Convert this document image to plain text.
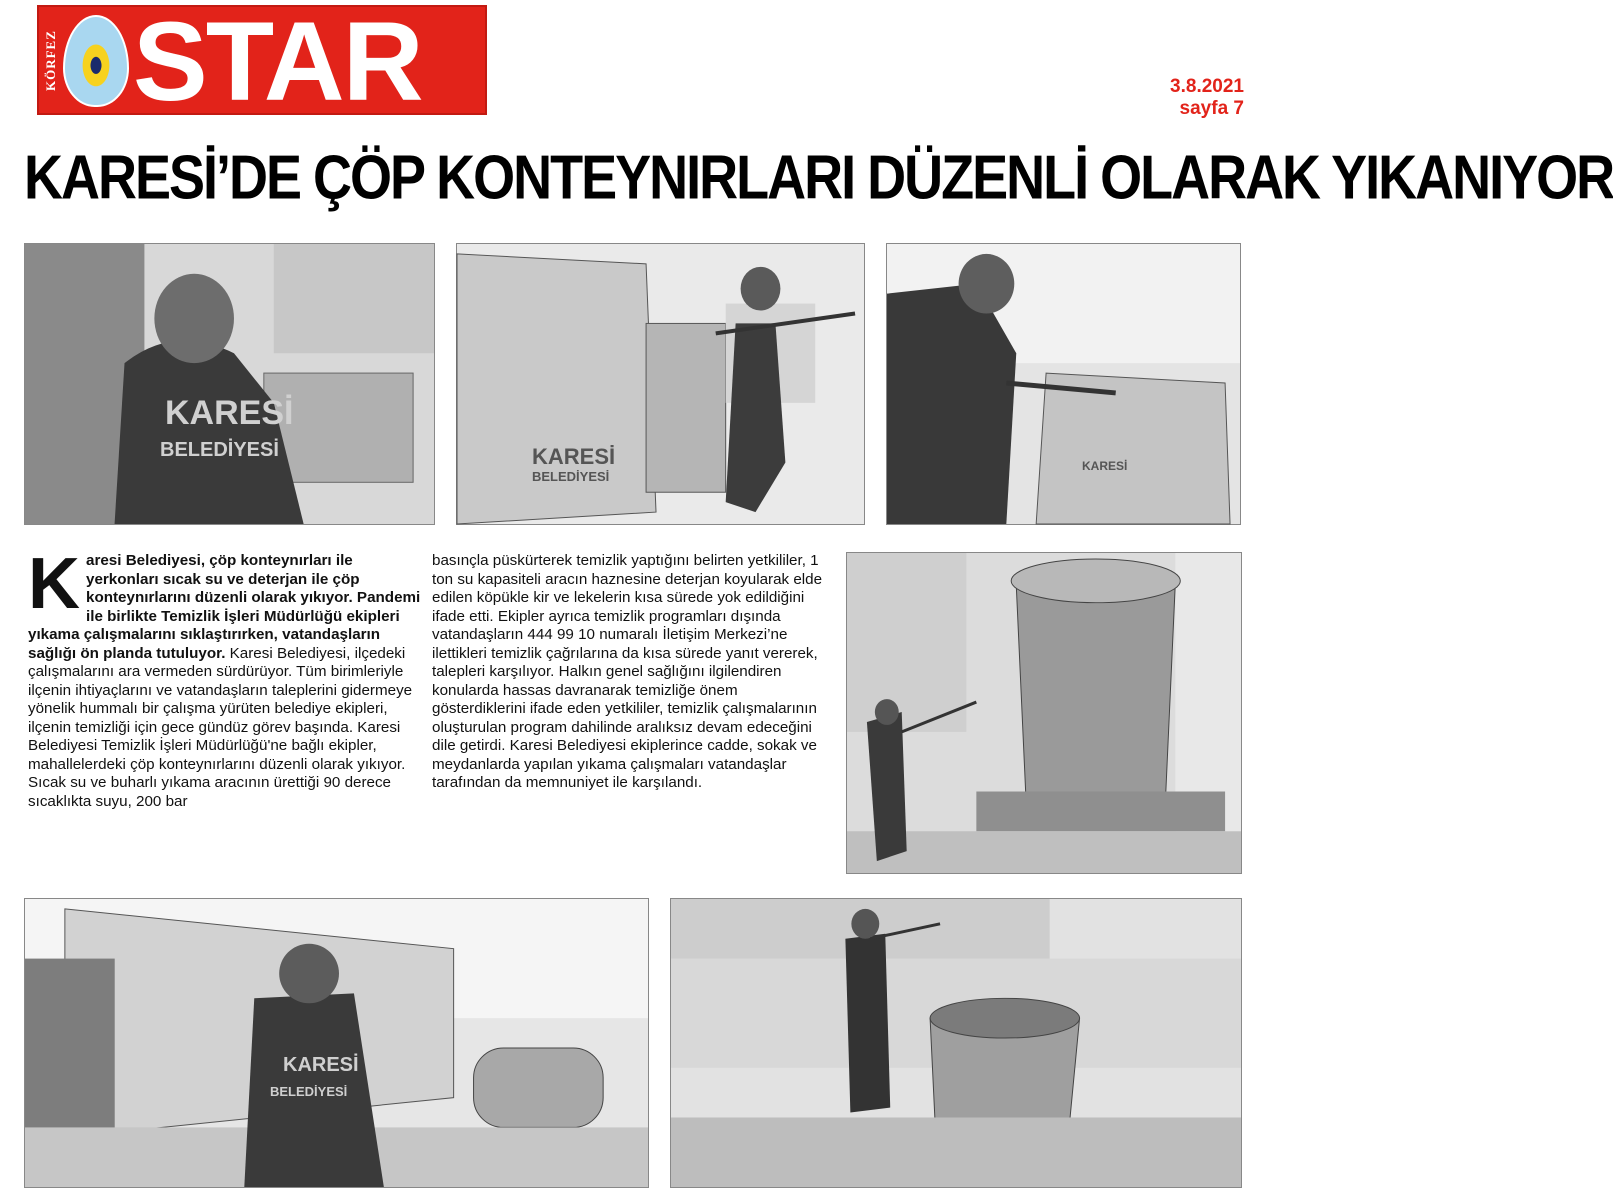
KÖRFEZ STAR	3.8.2021
sayfa 7
KARESİ’DE ÇÖP KONTEYNIRLARI DÜZENLİ OLARAK YIKANIYOR
KARESİ
BELEDİYESİ	KARESİ
BELEDİYESİ
KARESİ
K aresi Belediyesi, çöp konteynırları ile yerkonları sıcak su ve deterjan ile çöp konteynırlarını düzenli olarak yıkıyor. Pandemi ile birlikte Temizlik İşleri Müdürlüğü ekipleri yıkama çalışmalarını sıklaştırırken, vatandaşların sağlığı ön planda tutuluyor. Karesi Belediyesi, ilçedeki çalışmalarını ara vermeden sürdürüyor. Tüm birimleriyle ilçenin ihtiyaçlarını ve vatandaşların taleplerini gidermeye yönelik hummalı bir çalışma yürüten belediye ekipleri, ilçenin temizliği için gece gündüz görev başında. Karesi Belediyesi Temizlik İşleri Müdürlüğü'ne bağlı ekipler, mahallelerdeki çöp konteynırlarını düzenli olarak yıkıyor. Sıcak su ve buharlı yıkama aracının ürettiği 90 derece sıcaklıkta suyu, 200 bar

basınçla püskürterek temizlik yaptığını belirten yetkililer, 1 ton su kapasiteli aracın haznesine deterjan koyularak elde edilen köpükle kir ve lekelerin kısa sürede yok edildiğini ifade etti. Ekipler ayrıca temizlik programları dışında vatandaşların 444 99 10 numaralı İletişim Merkezi’ne ilettikleri temizlik çağrılarına da kısa sürede yanıt vererek, talepleri karşılıyor. Halkın genel sağlığını ilgilendiren konularda hassas davranarak temizliğe önem gösterdiklerini ifade eden yetkililer, temizlik çalışmalarının oluşturulan program dahilinde aralıksız devam edeceğini dile getirdi. Karesi Belediyesi ekiplerince cadde, sokak ve meydanlarda yapılan yıkama çalışmaları vatandaşlar tarafından da memnuniyet ile karşılandı.

KARESİ
BELEDİYESİ
